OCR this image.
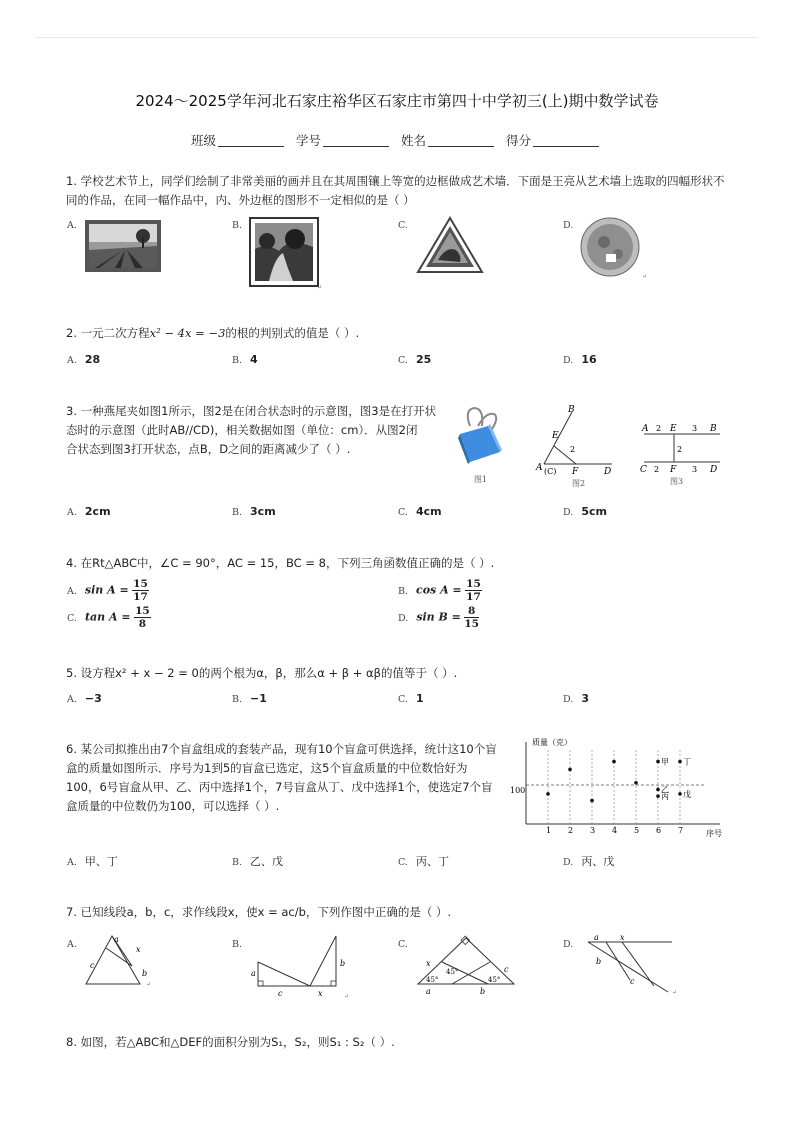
2024～2025学年河北石家庄裕华区石家庄市第四十中学初三(上)期中数学试卷
班级	学号	姓名	得分
1. 学校艺术节上，同学们绘制了非常美丽的画并且在其周围镶上等宽的边框做成艺术墙．下面是王亮从艺术墙上选取的四幅形状不
同的作品，在同一幅作品中，内、外边框的图形不一定相似的是（ ）
A.	B.	C.	D.
↵
↵
2. 一元二次方程x² − 4x = −3的根的判别式的值是（ ）.
A. 28	B. 4	C. 25	D. 16
3. 一种燕尾夹如图1所示，图2是在闭合状态时的示意图，图3是在打开状
态时的示意图（此时AB//CD)，相关数据如图（单位：cm）．从图2闭
合状态到图3打开状态，点B，D之间的距离减少了（ ）.
图1
B
E
2
A (C) F	D
图2
A 2 E 3 B
2
C 2 F 3 D
图3
A. 2cm	B. 3cm	C. 4cm	D. 5cm
4. 在Rt△ABC中，∠C = 90°，AC = 15，BC = 8，下列三角函数值正确的是（ ）.
A. $\sin A = \frac{15}{17}$	B. $\cos A = \frac{15}{17}$
C. $\tan A = \frac{15}{8}$	D. $\sin B = \frac{8}{15}$
5. 设方程x² + x − 2 = 0的两个根为α，β，那么α + β + αβ的值等于（ ）.
A. −3	B. −1	C. 1	D. 3
6. 某公司拟推出由7个盲盒组成的套装产品，现有10个盲盒可供选择，统计这10个盲
盒的质量如图所示．序号为1到5的盲盒已选定，这5个盲盒质量的中位数恰好为
100，6号盲盒从甲、乙、丙中选择1个，7号盲盒从丁、戊中选择1个，使选定7个盲
盒质量的中位数仍为100，可以选择（ ）.
1 2 3 4 5 6 7
甲
乙
丙
丁
戊
质量（克）
序号
100
A. 甲、丁	B. 乙、戊	C. 丙、丁	D. 丙、戊
7. 已知线段a，b，c，求作线段x，使x = ac/b，下列作图中正确的是（ ）.
A.	B.	C.	D.
a
x
c
b
↵
a
c	x
b
↵
x
c
45°
45°
45°
a	b
a	x
b
c
↵
8. 如图，若△ABC和△DEF的面积分别为S₁，S₂，则S₁ : S₂（ ）.
